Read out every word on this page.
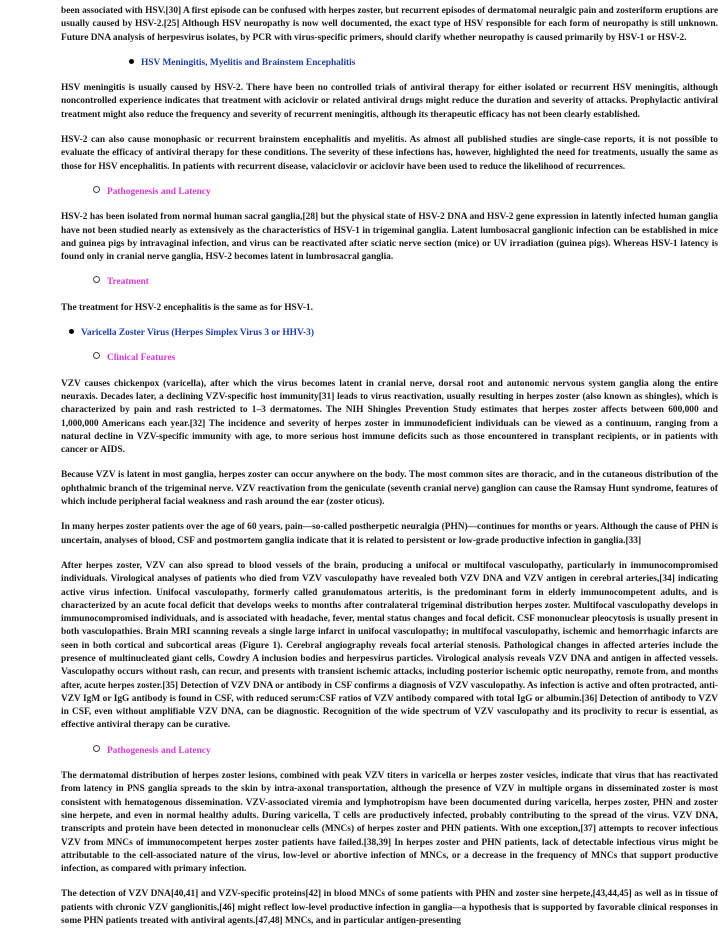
been associated with HSV.[30] A first episode can be confused with herpes zoster, but recurrent episodes of dermatomal neuralgic pain and zosteriform eruptions are usually caused by HSV-2.[25] Although HSV neuropathy is now well documented, the exact type of HSV responsible for each form of neuropathy is still unknown. Future DNA analysis of herpesvirus isolates, by PCR with virus-specific primers, should clarify whether neuropathy is caused primarily by HSV-1 or HSV-2.

HSV Meningitis, Myelitis and Brainstem Encephalitis

HSV meningitis is usually caused by HSV-2. There have been no controlled trials of antiviral therapy for either isolated or recurrent HSV meningitis, although noncontrolled experience indicates that treatment with aciclovir or related antiviral drugs might reduce the duration and severity of attacks. Prophylactic antiviral treatment might also reduce the frequency and severity of recurrent meningitis, although its therapeutic efficacy has not been clearly established.

HSV-2 can also cause monophasic or recurrent brainstem encephalitis and myelitis. As almost all published studies are single-case reports, it is not possible to evaluate the efficacy of antiviral therapy for these conditions. The severity of these infections has, however, highlighted the need for treatments, usually the same as those for HSV encephalitis. In patients with recurrent disease, valaciclovir or aciclovir have been used to reduce the likelihood of recurrences.

Pathogenesis and Latency

HSV-2 has been isolated from normal human sacral ganglia,[28] but the physical state of HSV-2 DNA and HSV-2 gene expression in latently infected human ganglia have not been studied nearly as extensively as the characteristics of HSV-1 in trigeminal ganglia. Latent lumbosacral ganglionic infection can be established in mice and guinea pigs by intravaginal infection, and virus can be reactivated after sciatic nerve section (mice) or UV irradiation (guinea pigs). Whereas HSV-1 latency is found only in cranial nerve ganglia, HSV-2 becomes latent in lumbrosacral ganglia.

Treatment

The treatment for HSV-2 encephalitis is the same as for HSV-1.

Varicella Zoster Virus (Herpes Simplex Virus 3 or HHV-3)
Clinical Features

VZV causes chickenpox (varicella), after which the virus becomes latent in cranial nerve, dorsal root and autonomic nervous system ganglia along the entire neuraxis. Decades later, a declining VZV-specific host immunity[31] leads to virus reactivation, usually resulting in herpes zoster (also known as shingles), which is characterized by pain and rash restricted to 1–3 dermatomes. The NIH Shingles Prevention Study estimates that herpes zoster affects between 600,000 and 1,000,000 Americans each year.[32] The incidence and severity of herpes zoster in immunodeficient individuals can be viewed as a continuum, ranging from a natural decline in VZV-specific immunity with age, to more serious host immune deficits such as those encountered in transplant recipients, or in patients with cancer or AIDS.

Because VZV is latent in most ganglia, herpes zoster can occur anywhere on the body. The most common sites are thoracic, and in the cutaneous distribution of the ophthalmic branch of the trigeminal nerve. VZV reactivation from the geniculate (seventh cranial nerve) ganglion can cause the Ramsay Hunt syndrome, features of which include peripheral facial weakness and rash around the ear (zoster oticus).

In many herpes zoster patients over the age of 60 years, pain—so-called postherpetic neuralgia (PHN)—continues for months or years. Although the cause of PHN is uncertain, analyses of blood, CSF and postmortem ganglia indicate that it is related to persistent or low-grade productive infection in ganglia.[33]

After herpes zoster, VZV can also spread to blood vessels of the brain, producing a unifocal or multifocal vasculopathy, particularly in immunocompromised individuals. Virological analyses of patients who died from VZV vasculopathy have revealed both VZV DNA and VZV antigen in cerebral arteries,[34] indicating active virus infection. Unifocal vasculopathy, formerly called granulomatous arteritis, is the predominant form in elderly immunocompetent adults, and is characterized by an acute focal deficit that develops weeks to months after contralateral trigeminal distribution herpes zoster. Multifocal vasculopathy develops in immunocompromised individuals, and is associated with headache, fever, mental status changes and focal deficit. CSF mononuclear pleocytosis is usually present in both vasculopathies. Brain MRI scanning reveals a single large infarct in unifocal vasculopathy; in multifocal vasculopathy, ischemic and hemorrhagic infarcts are seen in both cortical and subcortical areas (Figure 1). Cerebral angiography reveals focal arterial stenosis. Pathological changes in affected arteries include the presence of multinucleated giant cells, Cowdry A inclusion bodies and herpesvirus particles. Virological analysis reveals VZV DNA and antigen in affected vessels. Vasculopathy occurs without rash, can recur, and presents with transient ischemic attacks, including posterior ischemic optic neuropathy, remote from, and months after, acute herpes zoster.[35] Detection of VZV DNA or antibody in CSF confirms a diagnosis of VZV vasculopathy. As infection is active and often protracted, anti-VZV IgM or IgG antibody is found in CSF, with reduced serum:CSF ratios of VZV antibody compared with total IgG or albumin.[36] Detection of antibody to VZV in CSF, even without amplifiable VZV DNA, can be diagnostic. Recognition of the wide spectrum of VZV vasculopathy and its proclivity to recur is essential, as effective antiviral therapy can be curative.

Pathogenesis and Latency

The dermatomal distribution of herpes zoster lesions, combined with peak VZV titers in varicella or herpes zoster vesicles, indicate that virus that has reactivated from latency in PNS ganglia spreads to the skin by intra-axonal transportation, although the presence of VZV in multiple organs in disseminated zoster is most consistent with hematogenous dissemination. VZV-associated viremia and lymphotropism have been documented during varicella, herpes zoster, PHN and zoster sine herpete, and even in normal healthy adults. During varicella, T cells are productively infected, probably contributing to the spread of the virus. VZV DNA, transcripts and protein have been detected in mononuclear cells (MNCs) of herpes zoster and PHN patients. With one exception,[37] attempts to recover infectious VZV from MNCs of immunocompetent herpes zoster patients have failed.[38,39] In herpes zoster and PHN patients, lack of detectable infectious virus might be attributable to the cell-associated nature of the virus, low-level or abortive infection of MNCs, or a decrease in the frequency of MNCs that support productive infection, as compared with primary infection.

The detection of VZV DNA[40,41] and VZV-specific proteins[42] in blood MNCs of some patients with PHN and zoster sine herpete,[43,44,45] as well as in tissue of patients with chronic VZV ganglionitis,[46] might reflect low-level productive infection in ganglia—a hypothesis that is supported by favorable clinical responses in some PHN patients treated with antiviral agents.[47,48] MNCs, and in particular antigen-presenting
